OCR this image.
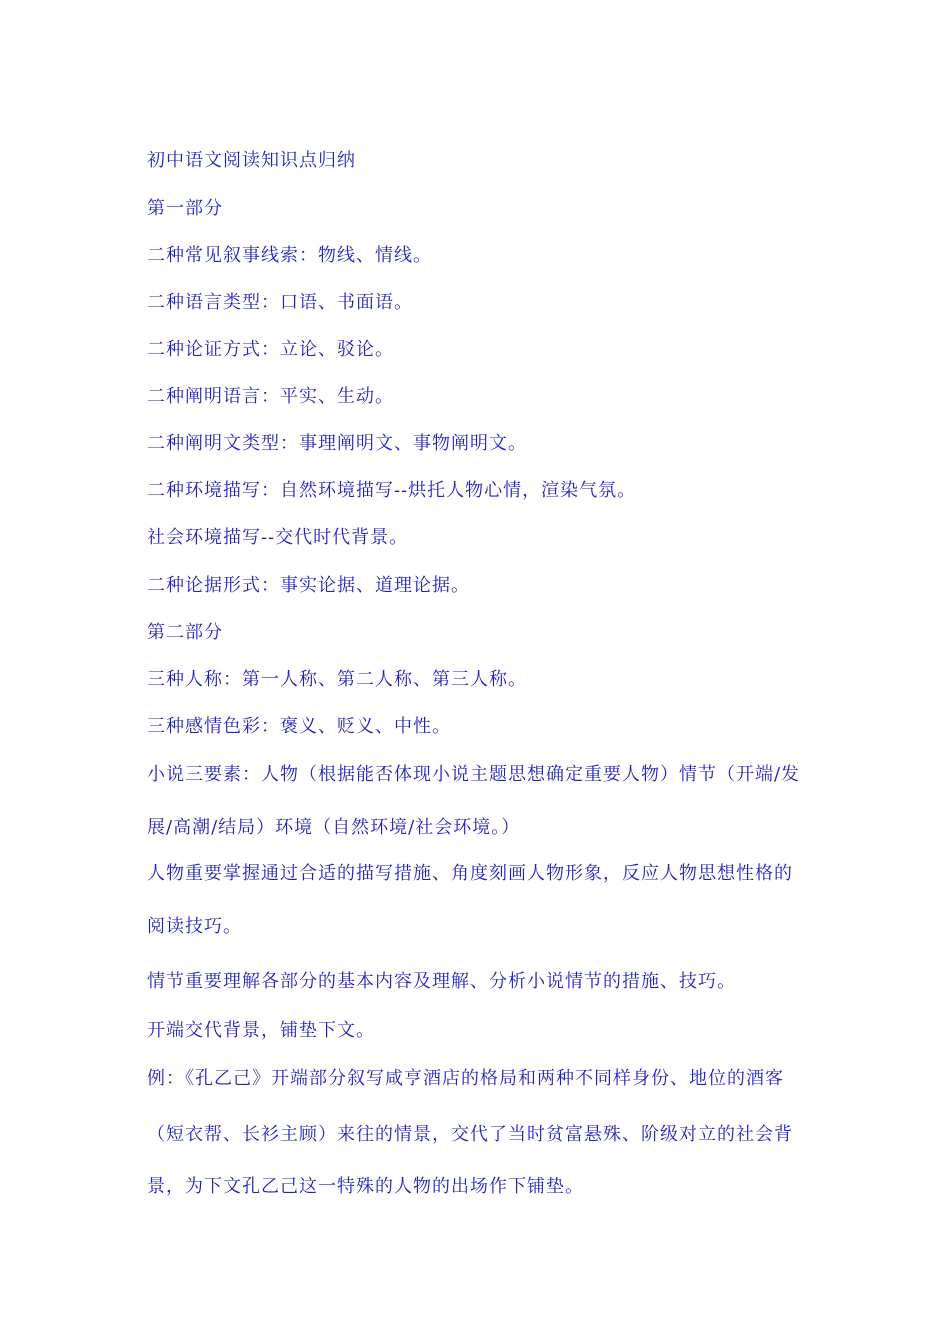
初中语文阅读知识点归纳
第一部分
二种常见叙事线索：物线、情线。
二种语言类型：口语、书面语。
二种论证方式：立论、驳论。
二种阐明语言：平实、生动。
二种阐明文类型：事理阐明文、事物阐明文。
二种环境描写：自然环境描写--烘托人物心情，渲染气氛。
社会环境描写--交代时代背景。
二种论据形式：事实论据、道理论据。
第二部分
三种人称：第一人称、第二人称、第三人称。
三种感情色彩：褒义、贬义、中性。
小说三要素：人物（根据能否体现小说主题思想确定重要人物）情节（开端/发
展/高潮/结局）环境（自然环境/社会环境。）
人物重要掌握通过合适的描写措施、角度刻画人物形象，反应人物思想性格的
阅读技巧。
情节重要理解各部分的基本内容及理解、分析小说情节的措施、技巧。
开端交代背景，铺垫下文。
例：《孔乙己》开端部分叙写咸亨酒店的格局和两种不同样身份、地位的酒客
（短衣帮、长衫主顾）来往的情景，交代了当时贫富悬殊、阶级对立的社会背
景，为下文孔乙己这一特殊的人物的出场作下铺垫。
